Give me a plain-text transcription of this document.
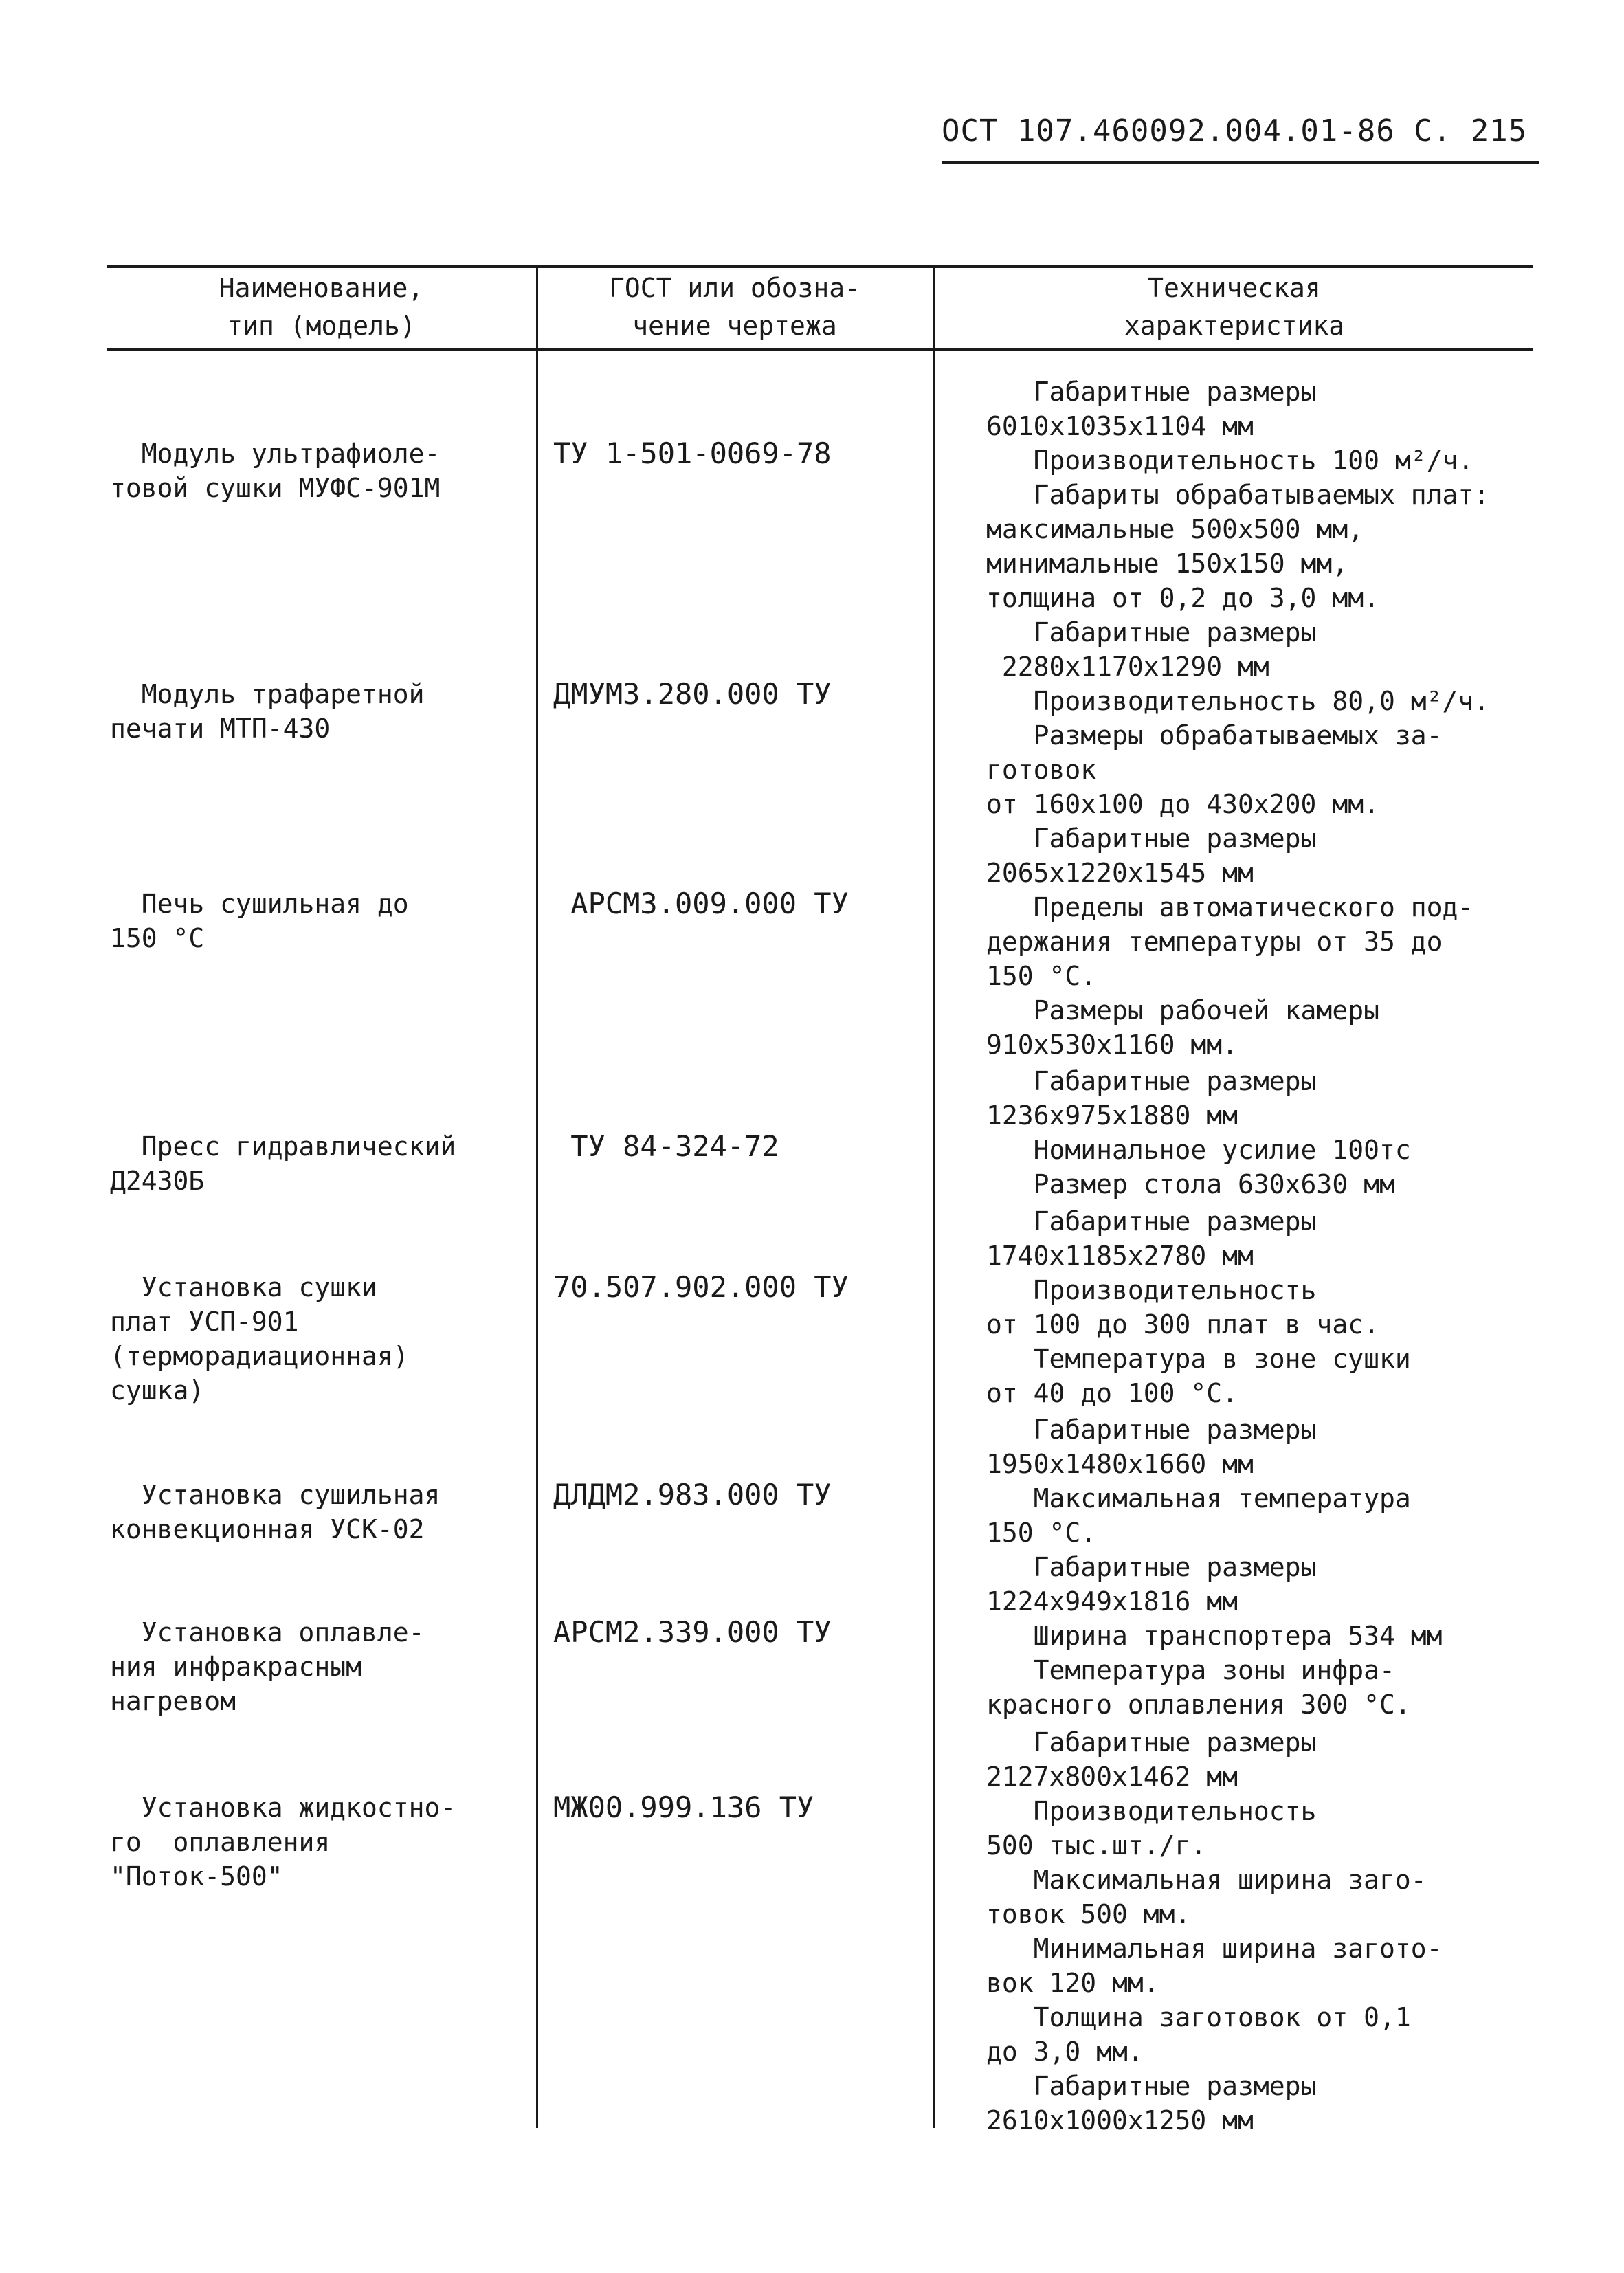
ОСТ 107.460092.004.01-86 С. 215
Наименование,
тип (модель)
ГОСТ или обозна-
чение чертежа
Техническая
характеристика
Модуль ультрафиоле-
товой сушки МУФС-901М
ТУ 1-501-0069-78
Габаритные размеры
6010х1035х1104 мм
Производительность 100 м²/ч.
Габариты обрабатываемых плат:
максимальные 500х500 мм,
минимальные 150х150 мм,
толщина от 0,2 до 3,0 мм.
Модуль трафаретной
печати МТП-430
ДМУМ3.280.000 ТУ
Габаритные размеры
2280х1170х1290 мм
Производительность 80,0 м²/ч.
Размеры обрабатываемых за-
готовок
от 160х100 до 430х200 мм.
Печь сушильная до
150 °С
АРСМ3.009.000 ТУ
Габаритные размеры
2065х1220х1545 мм
Пределы автоматического под-
держания температуры от 35 до
150 °С.
Размеры рабочей камеры
910х530х1160 мм.
Пресс гидравлический
Д2430Б
ТУ 84-324-72
Габаритные размеры
1236х975х1880 мм
Номинальное усилие 100тс
Размер стола 630х630 мм
Установка сушки
плат УСП-901
(терморадиационная)
сушка)
70.507.902.000 ТУ
Габаритные размеры
1740х1185х2780 мм
Производительность
от 100 до 300 плат в час.
Температура в зоне сушки
от 40 до 100 °С.
Установка сушильная
конвекционная УСК-02
ДЛДМ2.983.000 ТУ
Габаритные размеры
1950х1480х1660 мм
Максимальная температура
150 °С.
Установка оплавле-
ния инфракрасным
нагревом
АРСМ2.339.000 ТУ
Габаритные размеры
1224х949х1816 мм
Ширина транспортера 534 мм
Температура зоны инфра-
красного оплавления 300 °С.
Установка жидкостно-
го  оплавления
"Поток-500"
МЖ00.999.136 ТУ
Габаритные размеры
2127х800х1462 мм
Производительность
500 тыс.шт./г.
Максимальная ширина заго-
товок 500 мм.
Минимальная ширина загото-
вок 120 мм.
Толщина заготовок от 0,1
до 3,0 мм.
Габаритные размеры
2610х1000х1250 мм
